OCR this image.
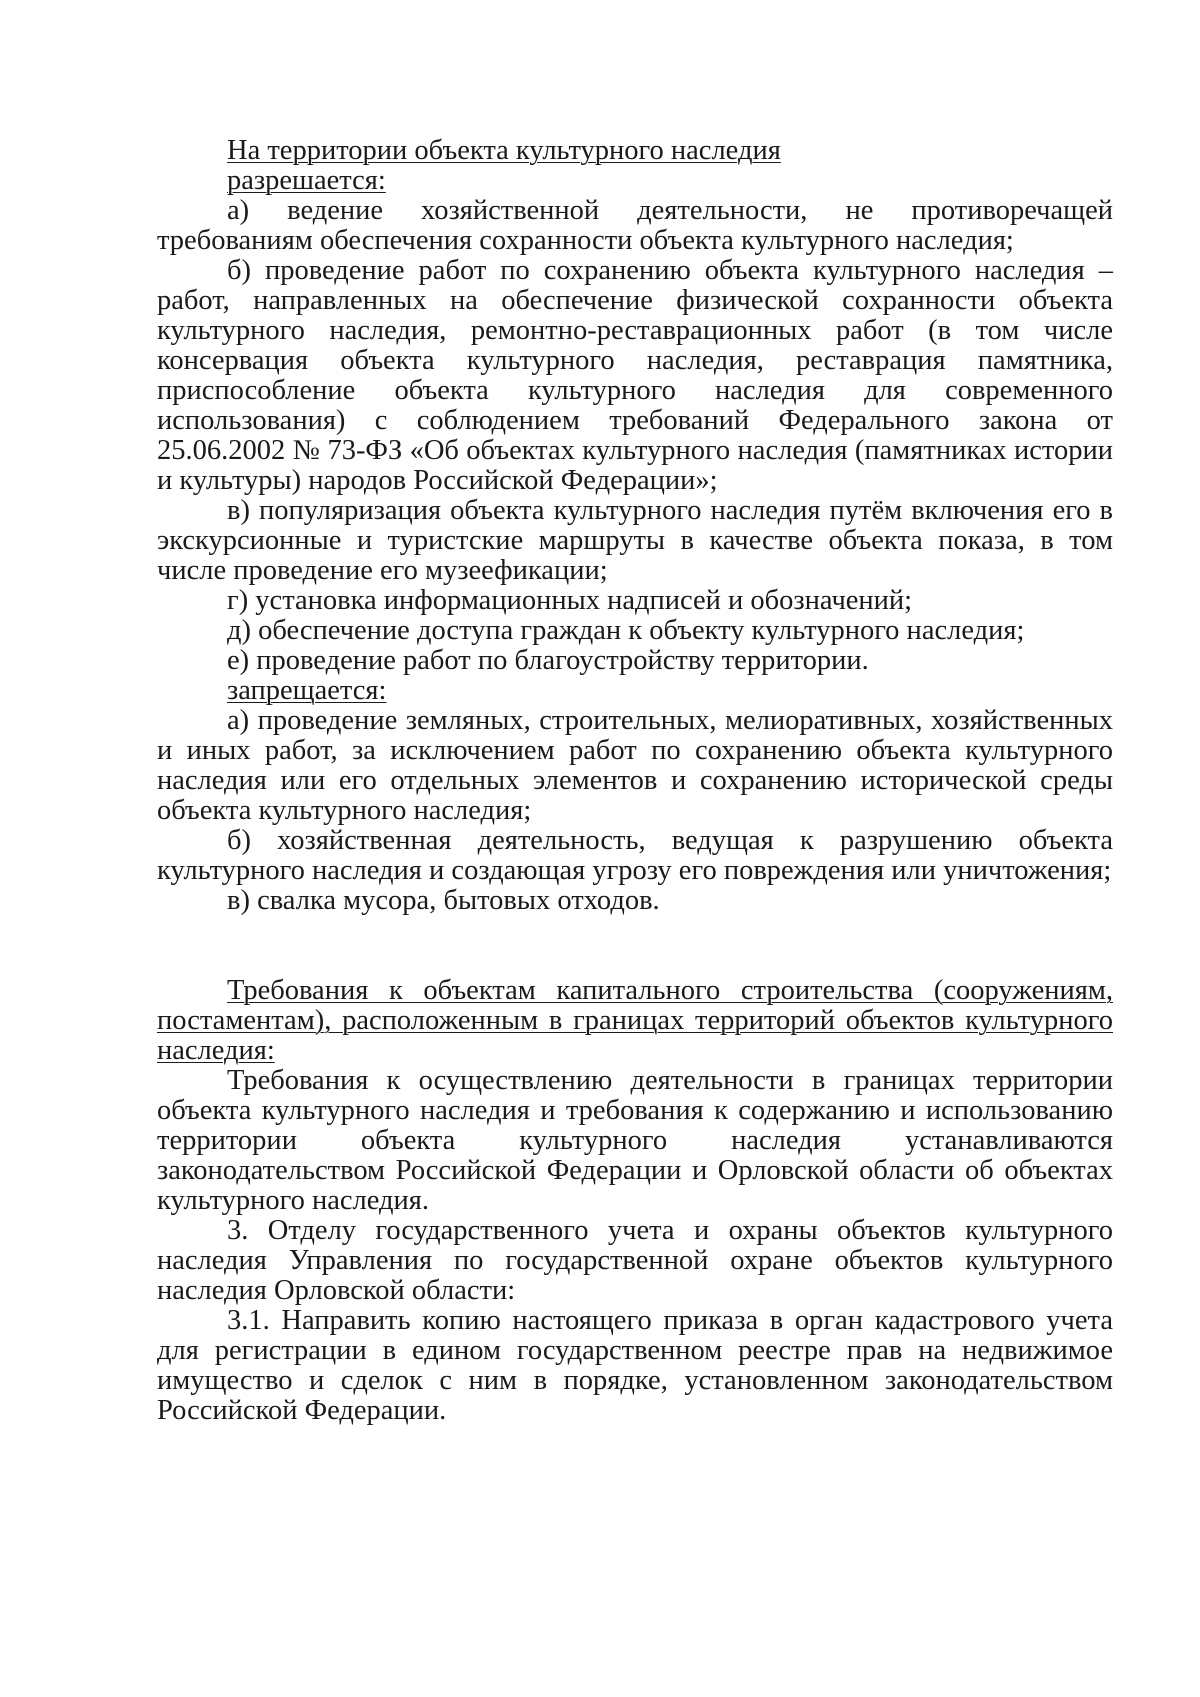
На территории объекта культурного наследия

разрешается:

а) ведение хозяйственной деятельности, не противоречащей требованиям обеспечения сохранности объекта культурного наследия;

б) проведение работ по сохранению объекта культурного наследия – работ, направленных на обеспечение физической сохранности объекта культурного наследия, ремонтно-реставрационных работ (в том числе консервация объекта культурного наследия, реставрация памятника, приспособление объекта культурного наследия для современного использования) с соблюдением требований Федерального закона от 25.06.2002 № 73-ФЗ «Об объектах культурного наследия (памятниках истории и культуры) народов Российской Федерации»;

в) популяризация объекта культурного наследия путём включения его в экскурсионные и туристские маршруты в качестве объекта показа, в том числе проведение его музеефикации;

г) установка информационных надписей и обозначений;

д) обеспечение доступа граждан к объекту культурного наследия;

е) проведение работ по благоустройству территории.

запрещается:

а) проведение земляных, строительных, мелиоративных, хозяйственных и иных работ, за исключением работ по сохранению объекта культурного наследия или его отдельных элементов и сохранению исторической среды объекта культурного наследия;

б) хозяйственная деятельность, ведущая к разрушению объекта культурного наследия и создающая угрозу его повреждения или уничтожения;

в) свалка мусора, бытовых отходов.

Требования к объектам капитального строительства (сооружениям, постаментам), расположенным в границах территорий объектов культурного наследия:

Требования к осуществлению деятельности в границах территории объекта культурного наследия и требования к содержанию и использованию территории объекта культурного наследия устанавливаются законодательством Российской Федерации и Орловской области об объектах культурного наследия.

3. Отделу государственного учета и охраны объектов культурного наследия Управления по государственной охране объектов культурного наследия Орловской области:

3.1. Направить копию настоящего приказа в орган кадастрового учета для регистрации в едином государственном реестре прав на недвижимое имущество и сделок с ним в порядке, установленном законодательством Российской Федерации.
